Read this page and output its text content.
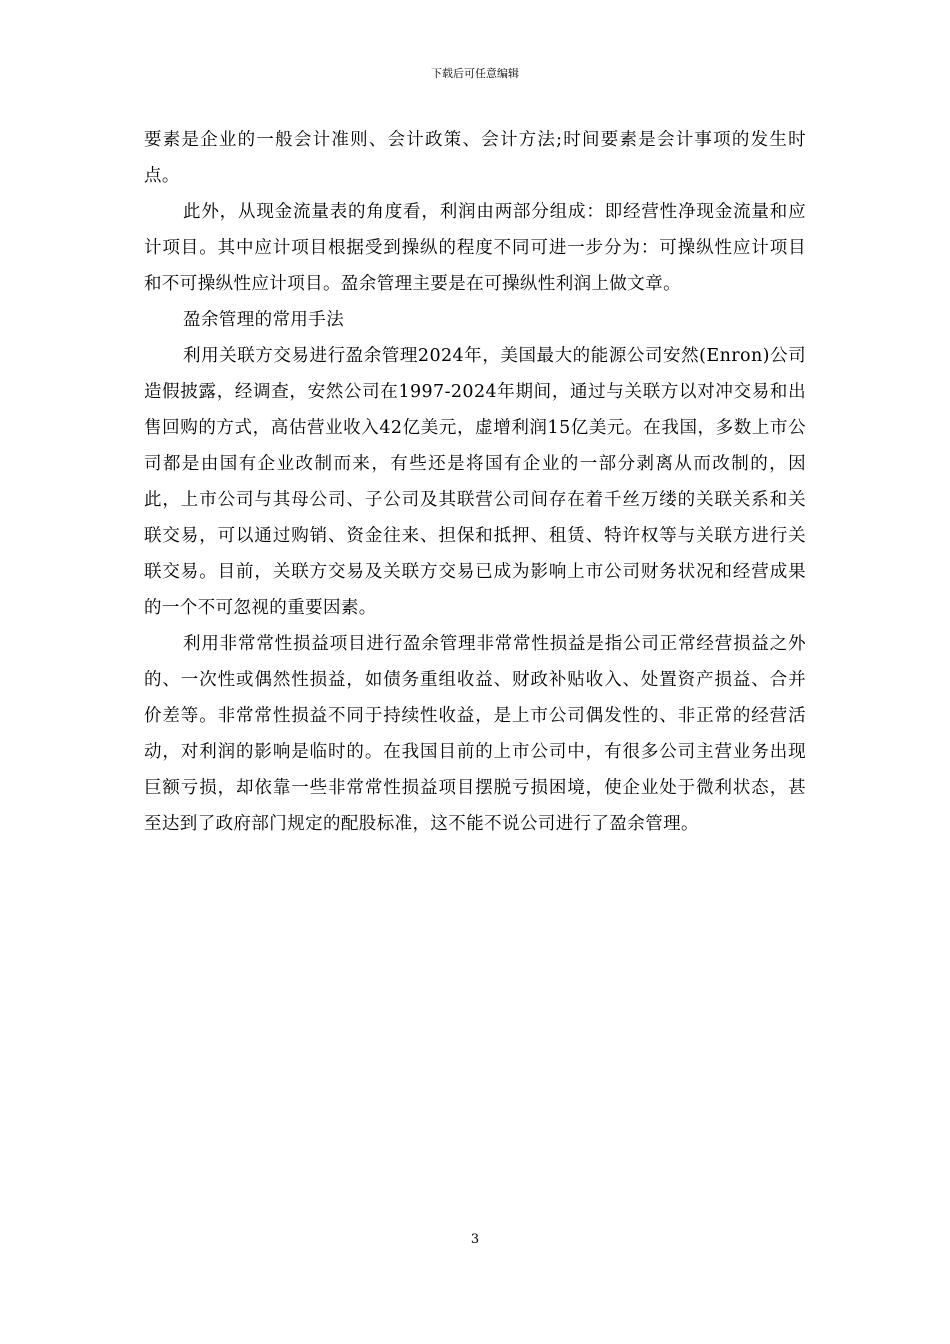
下载后可任意编辑

要素是企业的一般会计准则、会计政策、会计方法;时间要素是会计事项的发生时点。

此外，从现金流量表的角度看，利润由两部分组成：即经营性净现金流量和应计项目。其中应计项目根据受到操纵的程度不同可进一步分为：可操纵性应计项目和不可操纵性应计项目。盈余管理主要是在可操纵性利润上做文章。

盈余管理的常用手法

利用关联方交易进行盈余管理2024年，美国最大的能源公司安然(Enron)公司造假披露，经调查，安然公司在1997-2024年期间，通过与关联方以对冲交易和出售回购的方式，高估营业收入42亿美元，虚增利润15亿美元。在我国，多数上市公司都是由国有企业改制而来，有些还是将国有企业的一部分剥离从而改制的，因此，上市公司与其母公司、子公司及其联营公司间存在着千丝万缕的关联关系和关联交易，可以通过购销、资金往来、担保和抵押、租赁、特许权等与关联方进行关联交易。目前，关联方交易及关联方交易已成为影响上市公司财务状况和经营成果的一个不可忽视的重要因素。

利用非常常性损益项目进行盈余管理非常常性损益是指公司正常经营损益之外的、一次性或偶然性损益，如债务重组收益、财政补贴收入、处置资产损益、合并价差等。非常常性损益不同于持续性收益，是上市公司偶发性的、非正常的经营活动，对利润的影响是临时的。在我国目前的上市公司中，有很多公司主营业务出现巨额亏损，却依靠一些非常常性损益项目摆脱亏损困境，使企业处于微利状态，甚至达到了政府部门规定的配股标准，这不能不说公司进行了盈余管理。

3
